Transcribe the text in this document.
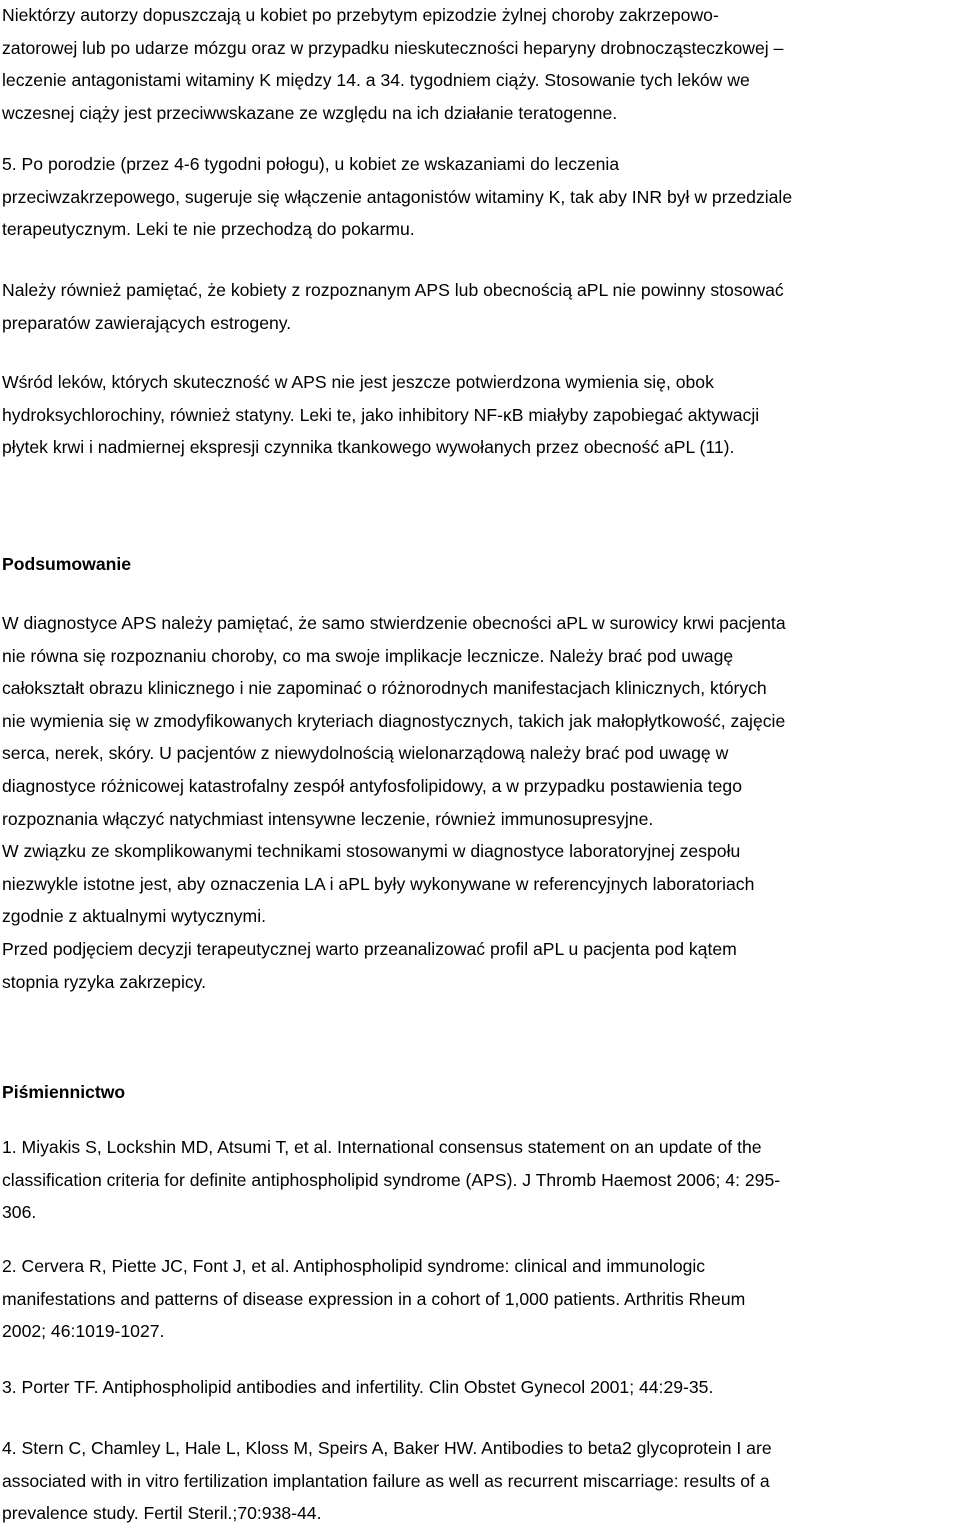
Niektórzy autorzy dopuszczają u kobiet po przebytym epizodzie żylnej choroby zakrzepowo-
zatorowej lub po udarze mózgu oraz w przypadku nieskuteczności heparyny drobnocząsteczkowej –
leczenie antagonistami witaminy K między 14. a 34. tygodniem ciąży. Stosowanie tych leków we
wczesnej ciąży jest przeciwwskazane ze względu na ich działanie teratogenne.

5. Po porodzie (przez 4-6 tygodni połogu), u kobiet ze wskazaniami do leczenia
przeciwzakrzepowego, sugeruje się włączenie antagonistów witaminy K, tak aby INR był w przedziale
terapeutycznym. Leki te nie przechodzą do pokarmu.

Należy również pamiętać, że kobiety z rozpoznanym APS lub obecnością aPL nie powinny stosować
preparatów zawierających estrogeny.

Wśród leków, których skuteczność w APS nie jest jeszcze potwierdzona wymienia się, obok
hydroksychlorochiny, również statyny. Leki te, jako inhibitory NF-κB miałyby zapobiegać aktywacji
płytek krwi i nadmiernej ekspresji czynnika tkankowego wywołanych przez obecność aPL (11).

Podsumowanie

W diagnostyce APS należy pamiętać, że samo stwierdzenie obecności aPL w surowicy krwi pacjenta
nie równa się rozpoznaniu choroby, co ma swoje implikacje lecznicze. Należy brać pod uwagę
całokształt obrazu klinicznego i nie zapominać o różnorodnych manifestacjach klinicznych, których
nie wymienia się w zmodyfikowanych kryteriach diagnostycznych, takich jak małopłytkowość, zajęcie
serca, nerek, skóry. U pacjentów z niewydolnością wielonarządową należy brać pod uwagę w
diagnostyce różnicowej katastrofalny zespół antyfosfolipidowy, a w przypadku postawienia tego
rozpoznania włączyć natychmiast intensywne leczenie, również immunosupresyjne.
W związku ze skomplikowanymi technikami stosowanymi w diagnostyce laboratoryjnej zespołu
niezwykle istotne jest, aby oznaczenia LA i aPL były wykonywane w referencyjnych laboratoriach
zgodnie z aktualnymi wytycznymi.
Przed podjęciem decyzji terapeutycznej warto przeanalizować profil aPL u pacjenta pod kątem
stopnia ryzyka zakrzepicy.

Piśmiennictwo
1. Miyakis S, Lockshin MD, Atsumi T, et al. International consensus statement on an update of the
classification criteria for definite antiphospholipid syndrome (APS). J Thromb Haemost 2006; 4: 295-
306.
2. Cervera R, Piette JC, Font J, et al. Antiphospholipid syndrome: clinical and immunologic
manifestations and patterns of disease expression in a cohort of 1,000 patients. Arthritis Rheum
2002; 46:1019-1027.
3. Porter TF. Antiphospholipid antibodies and infertility. Clin Obstet Gynecol 2001; 44:29-35.
4. Stern C, Chamley L, Hale L, Kloss M, Speirs A, Baker HW. Antibodies to beta2 glycoprotein I are
associated with in vitro fertilization implantation failure as well as recurrent miscarriage: results of a
prevalence study. Fertil Steril.;70:938-44.
